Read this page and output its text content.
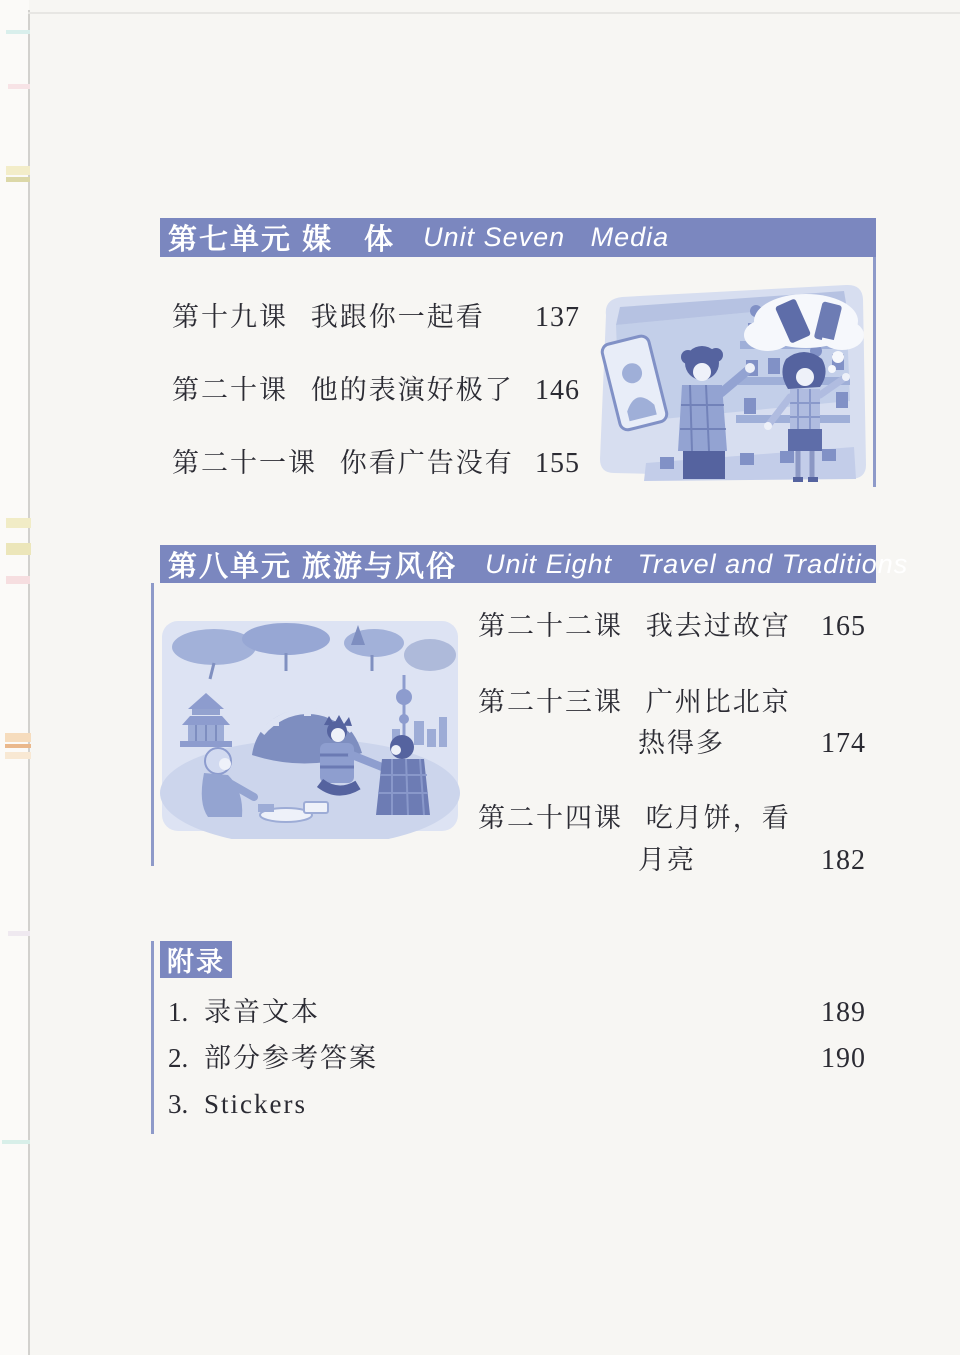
第七单元 媒　体 Unit Seven   Media
第十九课 我跟你一起看 137
第二十课 他的表演好极了 146
第二十一课 你看广告没有 155
第八单元 旅游与风俗 Unit Eight   Travel and Traditions
第二十二课 我去过故宫 165
第二十三课 广州比北京
热得多	174
第二十四课 吃月饼，看
月亮	182
附录
1. 录音文本	189
2. 部分参考答案	190
3. Stickers
